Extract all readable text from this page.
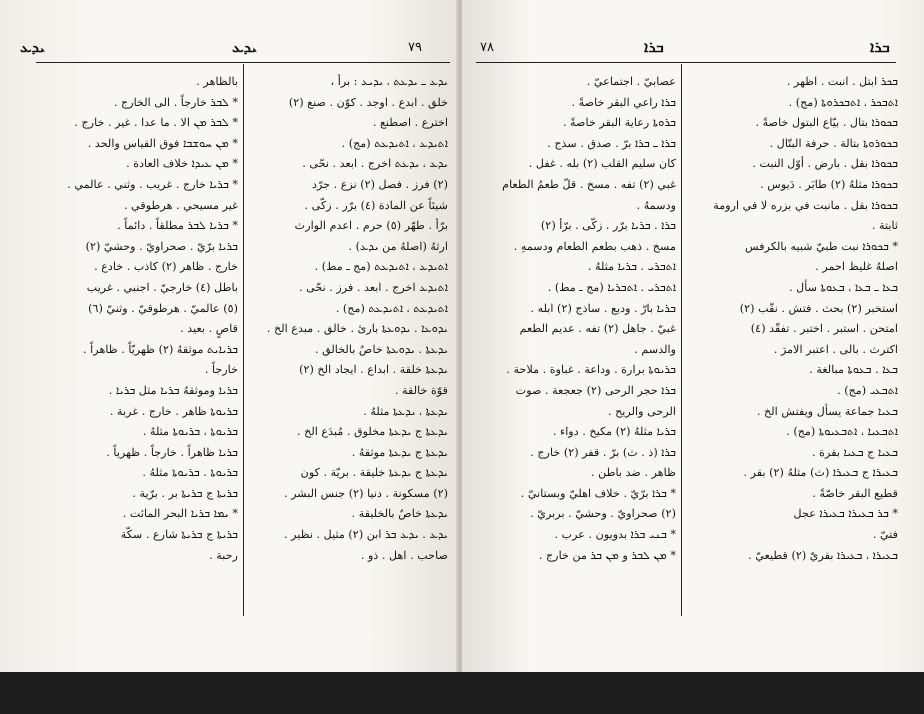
ܝܕܥ	ܝܕܥ	٧٩
ܝܕܥ ـ ܝܕܥܬ ، ܝܕܝܥ : برأ ،
خلق . ابدع . اوجد . كوّن . صنع (٢)
اخترع . اصطنع .
ܐܬܝܕܥ ، ܐܬܝܕܥܬ (مج) .
ܝܕܥ ، ܝܕܥܬ اخرج . ابعد . نحّى .
(٢) فرز . فصل (٢) نزع . جرّد
شيئاً عن المادة (٤) برّر . زكّى .
برّأ . طهّر (٥) حرم . اعدم الوارث
ارثهُ (اصلهُ من ܝܕܥ) .
ܐܬܝܕܥ ، ܐܬܝܕܥܬ (مج ـ مط) .
ܐܬܝܕܥ اخرج . ابعد . فرز . نحّى .
ܐܬܝܕܥܬ ، ܐܬܝܕܥܬ (مج) .
ܝܕܘܥܐ . ܝܕܘܥܬܐ بارئ . خالق . مبدع الخ .
ܝܕܥܬܐ . ܝܕܘܥܬܐ خاصٌ بالخالق .
ܝܕܥܬܐ خلقة . ابداع . ايجاد الخ (٢)
قوّة خالقة .
ܝܕܥܬܐ ، ܝܕܥܬܐ مثلهُ .
ܝܕܥܬܐ ج ܝܕܥܬܐ مخلوق . مُبدَع الخ .
ܝܕܥܬܐ ج ܝܕܥܬܐ موثقهُ .
ܝܕܥܬܐ ج ܝܕܥܬܐ خليقة . بريّة . كون
(٢) مسكونة . دنيا (٢) جنس البشر .
ܝܕܥܬܐ خاصٌ بالخليقة .
ܝܕܥ . ܝܕܥ ܒܪ ابن (٢) مثيل . نظير .
صاحب . اهل . ذو .
بالظاهر .
* ܠܒܪ خارجاً . الى الخارج .
* ܠܒܪ ܡܢ الا . ما عدا . غير . خارج .
* ܡܢ ܚܘܫܒܐ فوق القياس والحد .
* ܡܢ ܥܝܕܐ خلاف العادة .
* ܒܪܝܐ خارج . غريب . وثني . عالمي .
غير مسيحي . هرطوقي .
* ܒܪܝܐ ܠܒܪ مطلقاً . دائماً .
ܒܪܝܐ برّيّ . صحراويّ . وحشيّ (٢)
خارج . ظاهر (٢) كاذب . خادع .
باطل (٤) خارجيّ . اجنبي . غريب
(٥) عالميّ . هرطوقيّ . وثنيّ (٦)
قاصٍ . بعيد .
ܒܪܝܐܝܬ موثقهُ (٢) ظهريّاً . ظاهراً .
خارجاً .
ܒܪܝܐ وموثقهُ ܒܪܝܐ مثل ܒܪܝܐ .
ܒܪܝܘܬܐ ظاهر . خارج . غربة .
ܒܪܝܘܬܐ ، ܒܪܝܘܬܐ مثلهُ .
ܒܪܝܐ ظاهراً . خارجاً . ظهرياً .
ܒܪܝܘܬܐ . ܒܪܝܘܬܐ مثلهُ .
ܒܪܝܬܐ ج ܒܪܝܬܐ بر . برّية .
* ܝܡܐ ܒܪܝܐ البحر المائت .
ܒܪܝܬܐ ج ܒܪܝܬܐ شارع . سكّة
رحبة .
٧٨	ܒܪܐ	ܒܪܐ
ܒܟܪ ابتل . انبت . اظهر .
ܐܬܒܟܪ ، ܐܬܒܟܪܘܬܐ (مج) .
ܒܟܘܪܐ بتال . بيّاع البتول خاصةً .
ܒܟܘܪܘܬܐ بتالة . حرفة البتّال .
ܒܟܘܪܐ بقل . بارض . أوّل النبت .
ܒܟܘܪܐ مثلهُ (٢) طابَر . دَيوس .
ܒܟܘܪܐ بقل . مانبت في بزره لا في ارومة
ثابتة .
* ܒܟܘܪܐ نبت طبيّ شبيه بالكرفس
اصلهُ غليظ احمر .
ܒܥܐ ـ ܒܥܐ ، ܒܥܘܬܐ سأل .
استخبر (٢) بحث . فتش . نقّب (٢)
امتحن . استبر . اختبر . تفقّد (٤)
اكترث . بالى . اعتبر الامرَ .
ܒܥܐ . ܒܥܘܬܐ مبالغة .
ܐܬܒܥܝ (مج) .
ܒܥܝܐ جماعة يسأل ويفتش الخ .
ܐܬܒܥܝܐ ، ܐܬܒܥܝܘܬܐ (مج) .
ܒܥܝܐ ج ܒܥܝܐ بقرة .
ܒܥܝܪܐ ج ܒܥܝܪܐ (ث) مثلهُ (٢) بقر .
قطيع البقر خاصّةً .
* ܒܪ ܒܥܝܪܐ ܒܥܝܪܐ عجل
فتيّ .
ܒܥܝܪܐ ، ܒܥܝܪܐ بقريّ (٢) قطيعيّ .
عصابيّ . اجتماعيّ .
ܒܪܐ راعي البقر خاصةً .
ܒܪܘܬܐ رعاية البقر خاصةً .
ܒܪܐ ـ ܒܪܐ برّ . صدق . سذج .
كان سليم القلب (٢) بله . غفل .
غبي (٢) تفه . مسخ . قلّ طعمُ الطعام
ودسمهُ .
ܒܪܐ . ܒܪܝܐ برّر . زكّى . برّأ (٢)
مسخ . ذهب بطعم الطعام ودسمهِ .
ܐܬܒܪܝ . ܒܪܝܐ مثلهُ .
ܐܬܒܪܝ . ܐܬܒܪܝܐ (مج ـ مط) .
ܒܪܝܐ بارّ . وديع . ساذج (٢) ابله .
غبيّ . جاهل (٢) تفه . عديم الطعم
والدسم .
ܒܪܝܘܬܐ برارة . وداعة . غباوة . ملاحة .
ܒܪܐ حجر الرحى (٢) جعجعة . صوت
الرحى والريح .
ܒܪܝܐ مثلهُ (٢) مكيخ . دواء .
ܒܪܐ (ذ . ث) برّ . قفر (٢) خارج .
ظاهر . ضد باطن .
* ܒܪܐ برّيّ . خلاف اهليّ وبستانيّ .
(٢) صحراويّ . وحشيّ . بربريّ .
* ܒܢܝ ܒܪܐ بدويون . عرب .
* ܡܢ ܠܒܪ و ܡܢ ܒܪ من خارج .
